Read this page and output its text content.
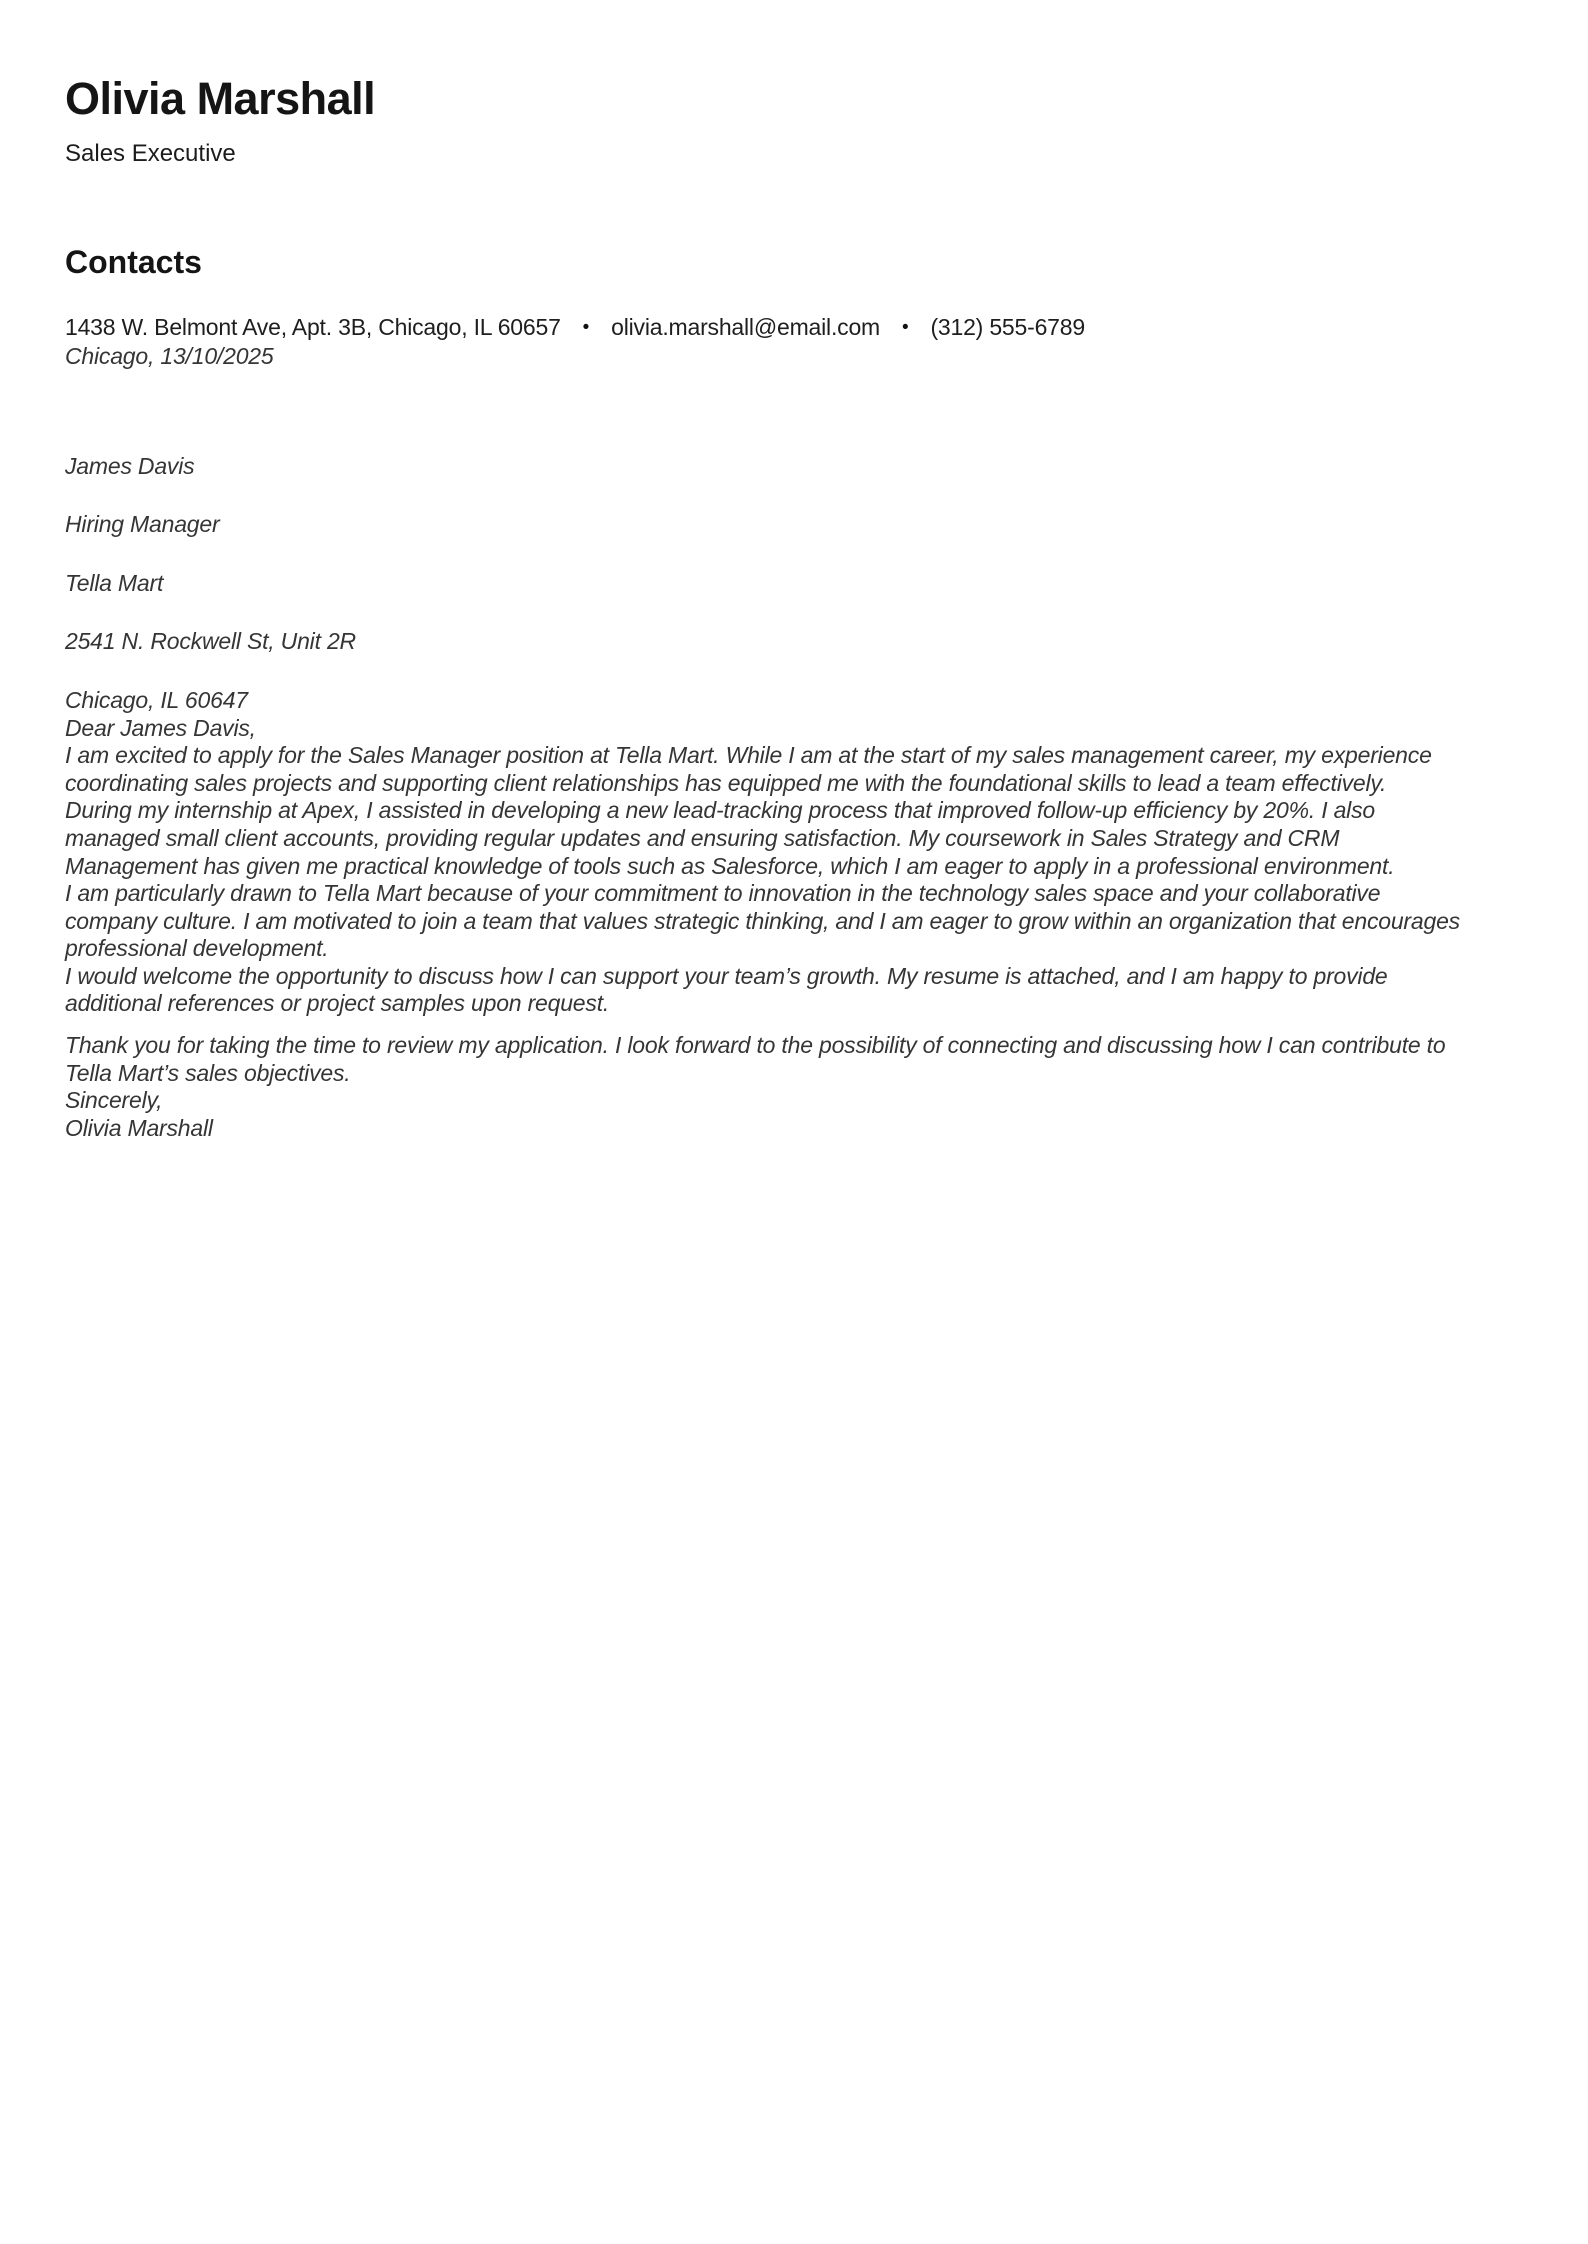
Olivia Marshall

Sales Executive

Contacts

1438 W. Belmont Ave, Apt. 3B, Chicago, IL 60657 • olivia.marshall@email.com • (312) 555-6789

Chicago, 13/10/2025

James Davis

Hiring Manager

Tella Mart

2541 N. Rockwell St, Unit 2R

Chicago, IL 60647

Dear James Davis,

I am excited to apply for the Sales Manager position at Tella Mart. While I am at the start of my sales management career, my experience coordinating sales projects and supporting client relationships has equipped me with the foundational skills to lead a team effectively.

During my internship at Apex, I assisted in developing a new lead-tracking process that improved follow-up efficiency by 20%. I also managed small client accounts, providing regular updates and ensuring satisfaction. My coursework in Sales Strategy and CRM Management has given me practical knowledge of tools such as Salesforce, which I am eager to apply in a professional environment.

I am particularly drawn to Tella Mart because of your commitment to innovation in the technology sales space and your collaborative company culture. I am motivated to join a team that values strategic thinking, and I am eager to grow within an organization that encourages professional development.

I would welcome the opportunity to discuss how I can support your team’s growth. My resume is attached, and I am happy to provide additional references or project samples upon request.

Thank you for taking the time to review my application. I look forward to the possibility of connecting and discussing how I can contribute to Tella Mart’s sales objectives.

Sincerely,

Olivia Marshall
